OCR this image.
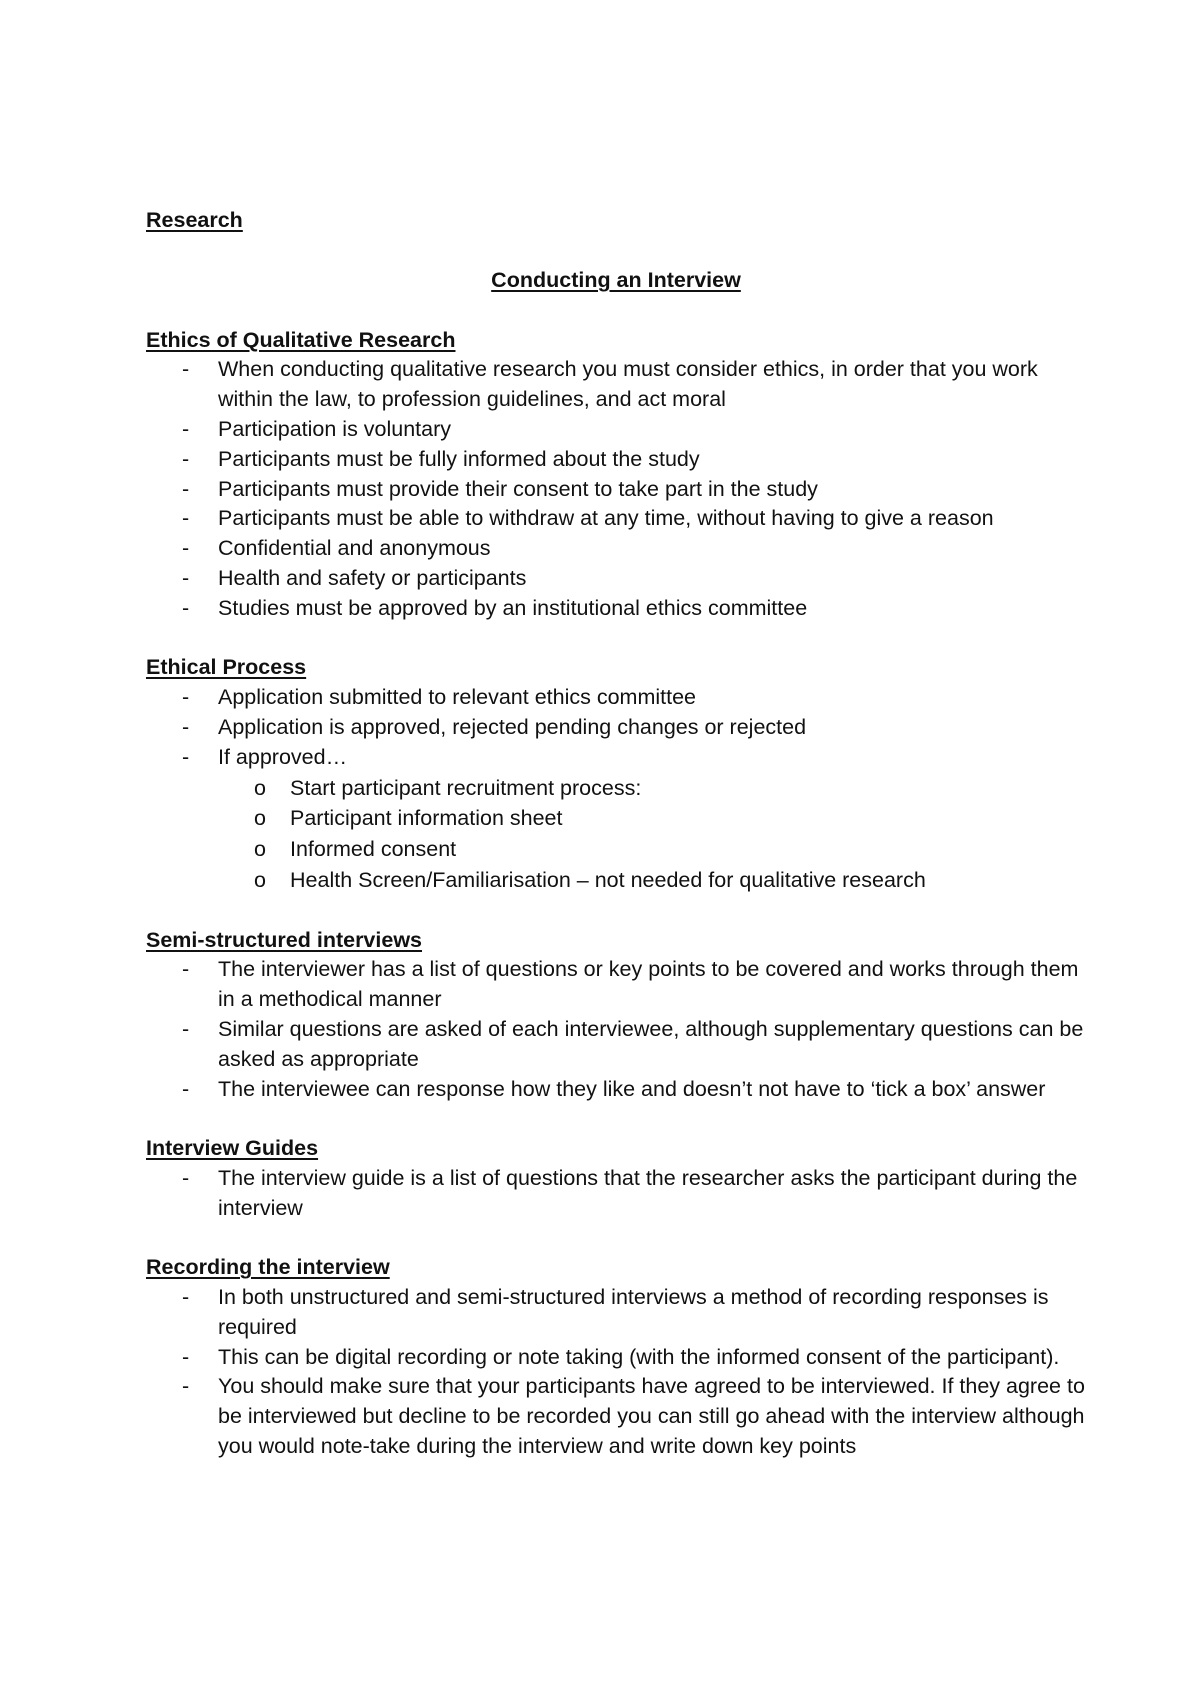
Research

Conducting an Interview

Ethics of Qualitative Research

- When conducting qualitative research you must consider ethics, in order that you work within the law, to profession guidelines, and act moral
- Participation is voluntary
- Participants must be fully informed about the study
- Participants must provide their consent to take part in the study
- Participants must be able to withdraw at any time, without having to give a reason
- Confidential and anonymous
- Health and safety or participants
- Studies must be approved by an institutional ethics committee

Ethical Process

- Application submitted to relevant ethics committee
- Application is approved, rejected pending changes or rejected
- If approved…
o Start participant recruitment process:
o Participant information sheet
o Informed consent
o Health Screen/Familiarisation – not needed for qualitative research

Semi-structured interviews

- The interviewer has a list of questions or key points to be covered and works through them in a methodical manner
- Similar questions are asked of each interviewee, although supplementary questions can be asked as appropriate
- The interviewee can response how they like and doesn’t not have to ‘tick a box’ answer

Interview Guides

- The interview guide is a list of questions that the researcher asks the participant during the interview

Recording the interview

- In both unstructured and semi-structured interviews a method of recording responses is required
- This can be digital recording or note taking (with the informed consent of the participant).
- You should make sure that your participants have agreed to be interviewed. If they agree to be interviewed but decline to be recorded you can still go ahead with the interview although you would note-take during the interview and write down key points
